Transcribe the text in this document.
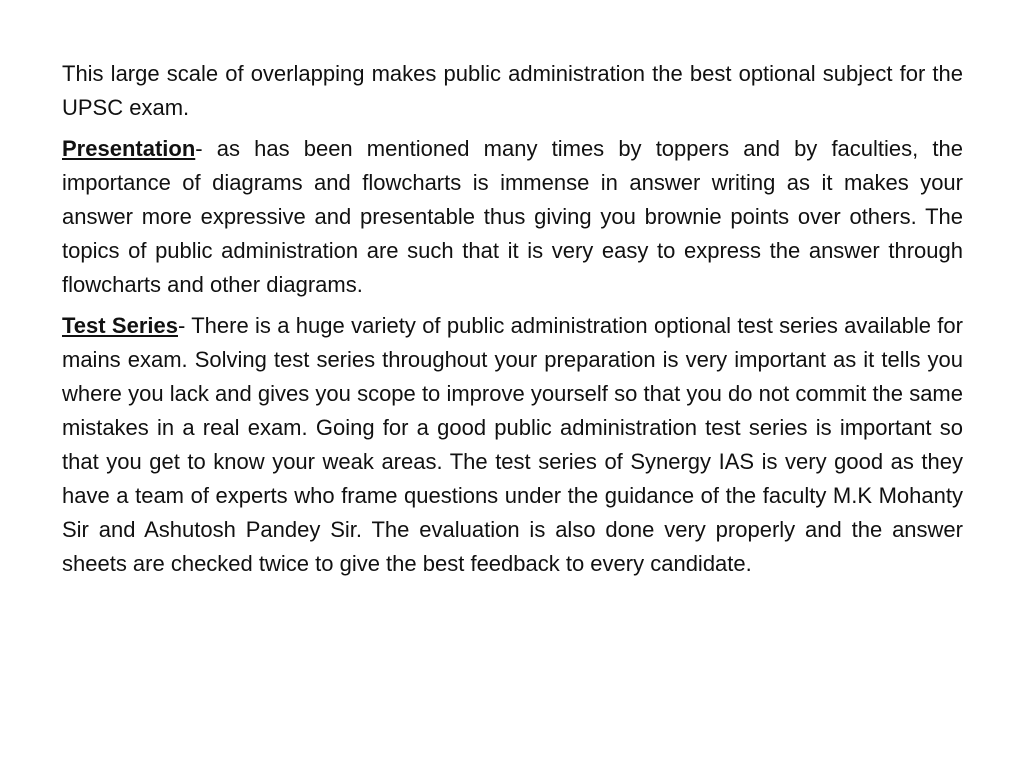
This large scale of overlapping makes public administration the best optional subject for the UPSC exam.

Presentation- as has been mentioned many times by toppers and by faculties, the importance of diagrams and flowcharts is immense in answer writing as it makes your answer more expressive and presentable thus giving you brownie points over others. The topics of public administration are such that it is very easy to express the answer through flowcharts and other diagrams.

Test Series- There is a huge variety of public administration optional test series available for mains exam. Solving test series throughout your preparation is very important as it tells you where you lack and gives you scope to improve yourself so that you do not commit the same mistakes in a real exam. Going for a good public administration test series is important so that you get to know your weak areas. The test series of Synergy IAS is very good as they have a team of experts who frame questions under the guidance of the faculty M.K Mohanty Sir and Ashutosh Pandey Sir. The evaluation is also done very properly and the answer sheets are checked twice to give the best feedback to every candidate.
